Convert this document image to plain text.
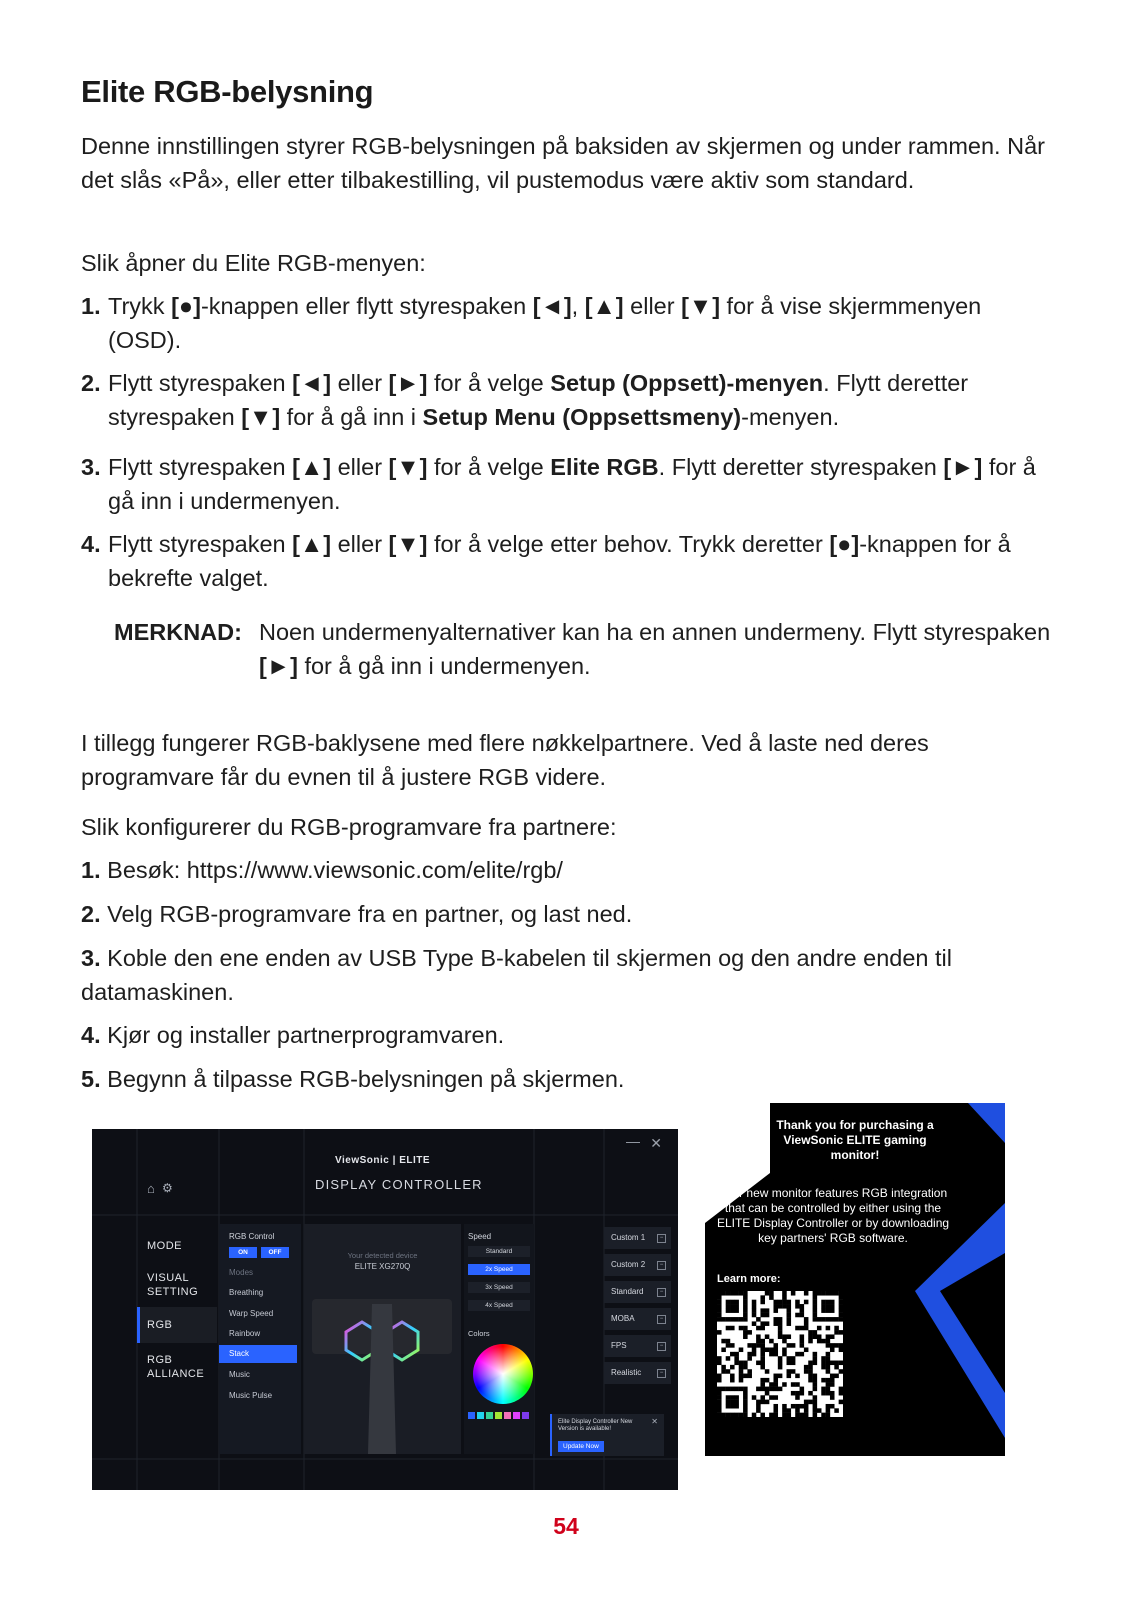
Elite RGB-belysning

Denne innstillingen styrer RGB-belysningen på baksiden av skjermen og under rammen. Når det slås «På», eller etter tilbakestilling, vil pustemodus være aktiv som standard.

Slik åpner du Elite RGB-menyen:

1. Trykk [●]-knappen eller flytt styrespaken [◄], [▲] eller [▼] for å vise skjermmenyen (OSD).
2. Flytt styrespaken [◄] eller [►] for å velge Setup (Oppsett)-menyen. Flytt deretter styrespaken [▼] for å gå inn i Setup Menu (Oppsettsmeny)-menyen.
3. Flytt styrespaken [▲] eller [▼] for å velge Elite RGB. Flytt deretter styrespaken [►] for å gå inn i undermenyen.
4. Flytt styrespaken [▲] eller [▼] for å velge etter behov. Trykk deretter [●]-knappen for å bekrefte valget.
MERKNAD: Noen undermenyalternativer kan ha en annen undermeny. Flytt styrespaken [►] for å gå inn i undermenyen.

I tillegg fungerer RGB-baklysene med flere nøkkelpartnere. Ved å laste ned deres programvare får du evnen til å justere RGB videre.

Slik konfigurerer du RGB-programvare fra partnere:

1. Besøk: https://www.viewsonic.com/elite/rgb/
2. Velg RGB-programvare fra en partner, og last ned.
3. Koble den ene enden av USB Type B-kabelen til skjermen og den andre enden til datamaskinen.
4. Kjør og installer partnerprogramvaren.
5. Begynn å tilpasse RGB-belysningen på skjermen.
— ✕
ViewSonic | ELITE
DISPLAY CONTROLLER
⌂ ⚙
MODE
VISUAL
SETTING
RGB
RGB
ALLIANCE
RGB Control
ON	OFF
Modes
Breathing
Warp Speed
Rainbow
Stack
Music
Music Pulse
Your detected device
ELITE XG270Q
Speed
Standard
2x Speed
3x Speed
4x Speed
Colors
Custom 1	−
Custom 2	−
Standard	−
MOBA	−
FPS	−
Realistic	−
Elite Display Controller New Version is available!
✕
Update Now
Thank you for purchasing a ViewSonic ELITE gaming monitor!
Your new monitor features RGB integration that can be controlled by either using the ELITE Display Controller or by downloading key partners' RGB software.
Learn more:
54
